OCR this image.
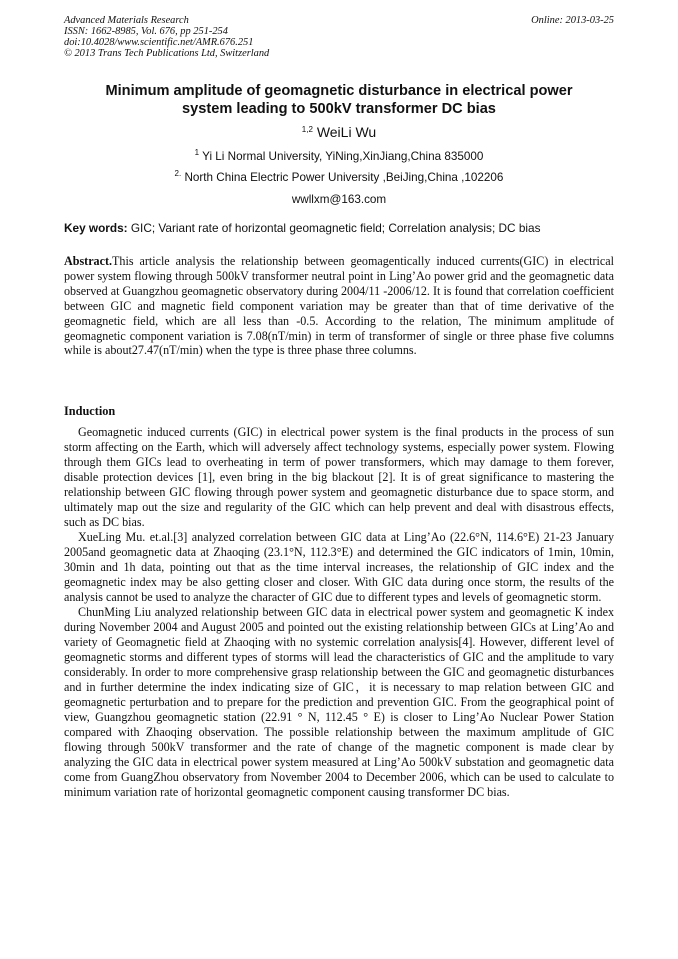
Advanced Materials Research
ISSN: 1662-8985, Vol. 676, pp 251-254
doi:10.4028/www.scientific.net/AMR.676.251
© 2013 Trans Tech Publications Ltd, Switzerland
Online: 2013-03-25
Minimum amplitude of geomagnetic disturbance in electrical power
system leading to 500kV transformer DC bias
$^{1,2}$ WeiLi Wu
$^1$ Yi Li Normal University, YiNing,XinJiang,China 835000
$^{2.}$ North China Electric Power University ,BeiJing,China ,102206
wwllxm@163.com
Key words: GIC; Variant rate of horizontal geomagnetic field; Correlation analysis; DC bias
Abstract.This article analysis the relationship between geomagentically induced currents(GIC) in electrical power system flowing through 500kV transformer neutral point in Ling’Ao power grid and the geomagnetic data observed at Guangzhou geomagnetic observatory during 2004/11 -2006/12. It is found that correlation coefficient between GIC and magnetic field component variation may be greater than that of time derivative of the geomagnetic field, which are all less than -0.5. According to the relation, The minimum amplitude of geomagnetic component variation is 7.08(nT/min) in term of transformer of single or three phase five columns while is about27.47(nT/min) when the type is three phase three columns.
Induction

Geomagnetic induced currents (GIC) in electrical power system is the final products in the process of sun storm affecting on the Earth, which will adversely affect technology systems, especially power system. Flowing through them GICs lead to overheating in term of power transformers, which may damage to them forever, disable protection devices [1], even bring in the big blackout [2]. It is of great significance to mastering the relationship between GIC flowing through power system and geomagnetic disturbance due to space storm, and ultimately map out the size and regularity of the GIC which can help prevent and deal with disastrous effects, such as DC bias.

XueLing Mu. et.al.[3] analyzed correlation between GIC data at Ling’Ao (22.6°N, 114.6°E) 21-23 January 2005and geomagnetic data at Zhaoqing (23.1°N, 112.3°E) and determined the GIC indicators of 1min, 10min, 30min and 1h data, pointing out that as the time interval increases, the relationship of GIC index and the geomagnetic index may be also getting closer and closer. With GIC data during once storm, the results of the analysis cannot be used to analyze the character of GIC due to different types and levels of geomagnetic storm.

ChunMing Liu analyzed relationship between GIC data in electrical power system and geomagnetic K index during November 2004 and August 2005 and pointed out the existing relationship between GICs at Ling’Ao and variety of Geomagnetic field at Zhaoqing with no systemic correlation analysis[4]. However, different level of geomagnetic storms and different types of storms will lead the characteristics of GIC and the amplitude to vary considerably. In order to more comprehensive grasp relationship between the GIC and geomagnetic disturbances and in further determine the index indicating size of GIC，it is necessary to map relation between GIC and geomagnetic perturbation and to prepare for the prediction and prevention GIC. From the geographical point of view, Guangzhou geomagnetic station (22.91 ° N, 112.45 ° E) is closer to Ling’Ao Nuclear Power Station compared with Zhaoqing observation. The possible relationship between the maximum amplitude of GIC flowing through 500kV transformer and the rate of change of the magnetic component is made clear by analyzing the GIC data in electrical power system measured at Ling’Ao 500kV substation and geomagnetic data come from GuangZhou observatory from November 2004 to December 2006, which can be used to calculate to minimum variation rate of horizontal geomagnetic component causing transformer DC bias.
